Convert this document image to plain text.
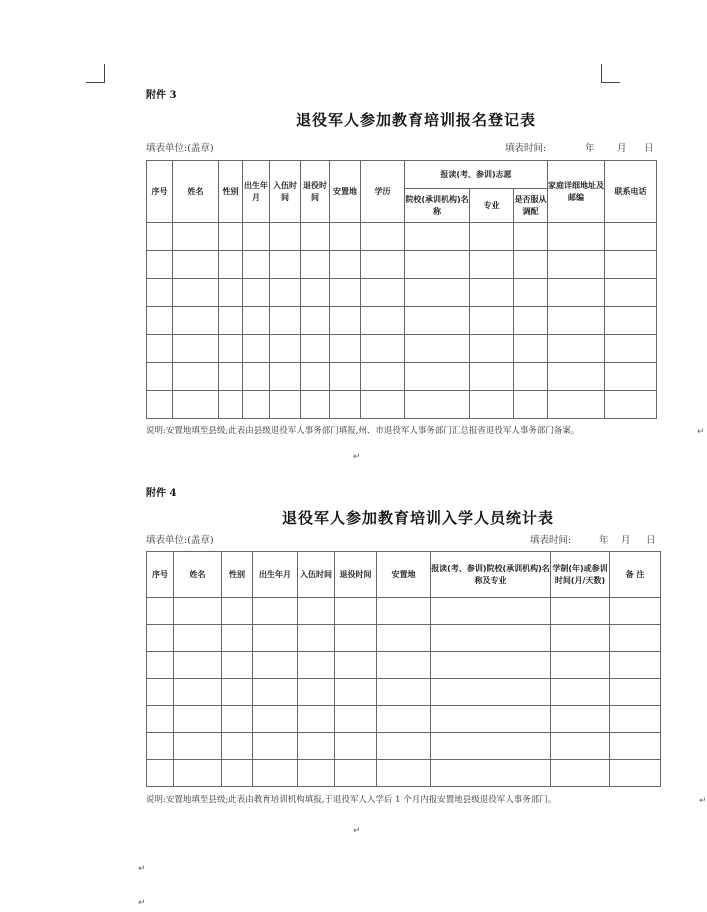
附件 3
退役军人参加教育培训报名登记表
填表单位:(盖章)	填表时间:	年 月 日
序号	姓名	性别	出生年月	入伍时间	退役时间	安置地	学历	报读(考、参训)志愿			家庭详细地址及邮编	联系电话
								院校(承训机构)名 称	专业	是否服从调配		

说明:安置地填至县级;此表由县级退役军人事务部门填报,州、市退役军人事务部门汇总报省退役军人事务部门备案。	↵
↵
附件 4
退役军人参加教育培训入学人员统计表
填表单位:(盖章)	填表时间:	年 月 日
序号	姓名	性别	出生年月	入伍时间	退役时间	安置地	报读(考、参训)院校(承训机构)名称及专业	学制(年)或参训时间(月/天数)	备 注

说明:安置地填至县级;此表由教育培训机构填报,于退役军人入学后 1 个月内报安置地县级退役军人事务部门。	↵
↵
↵
↵
